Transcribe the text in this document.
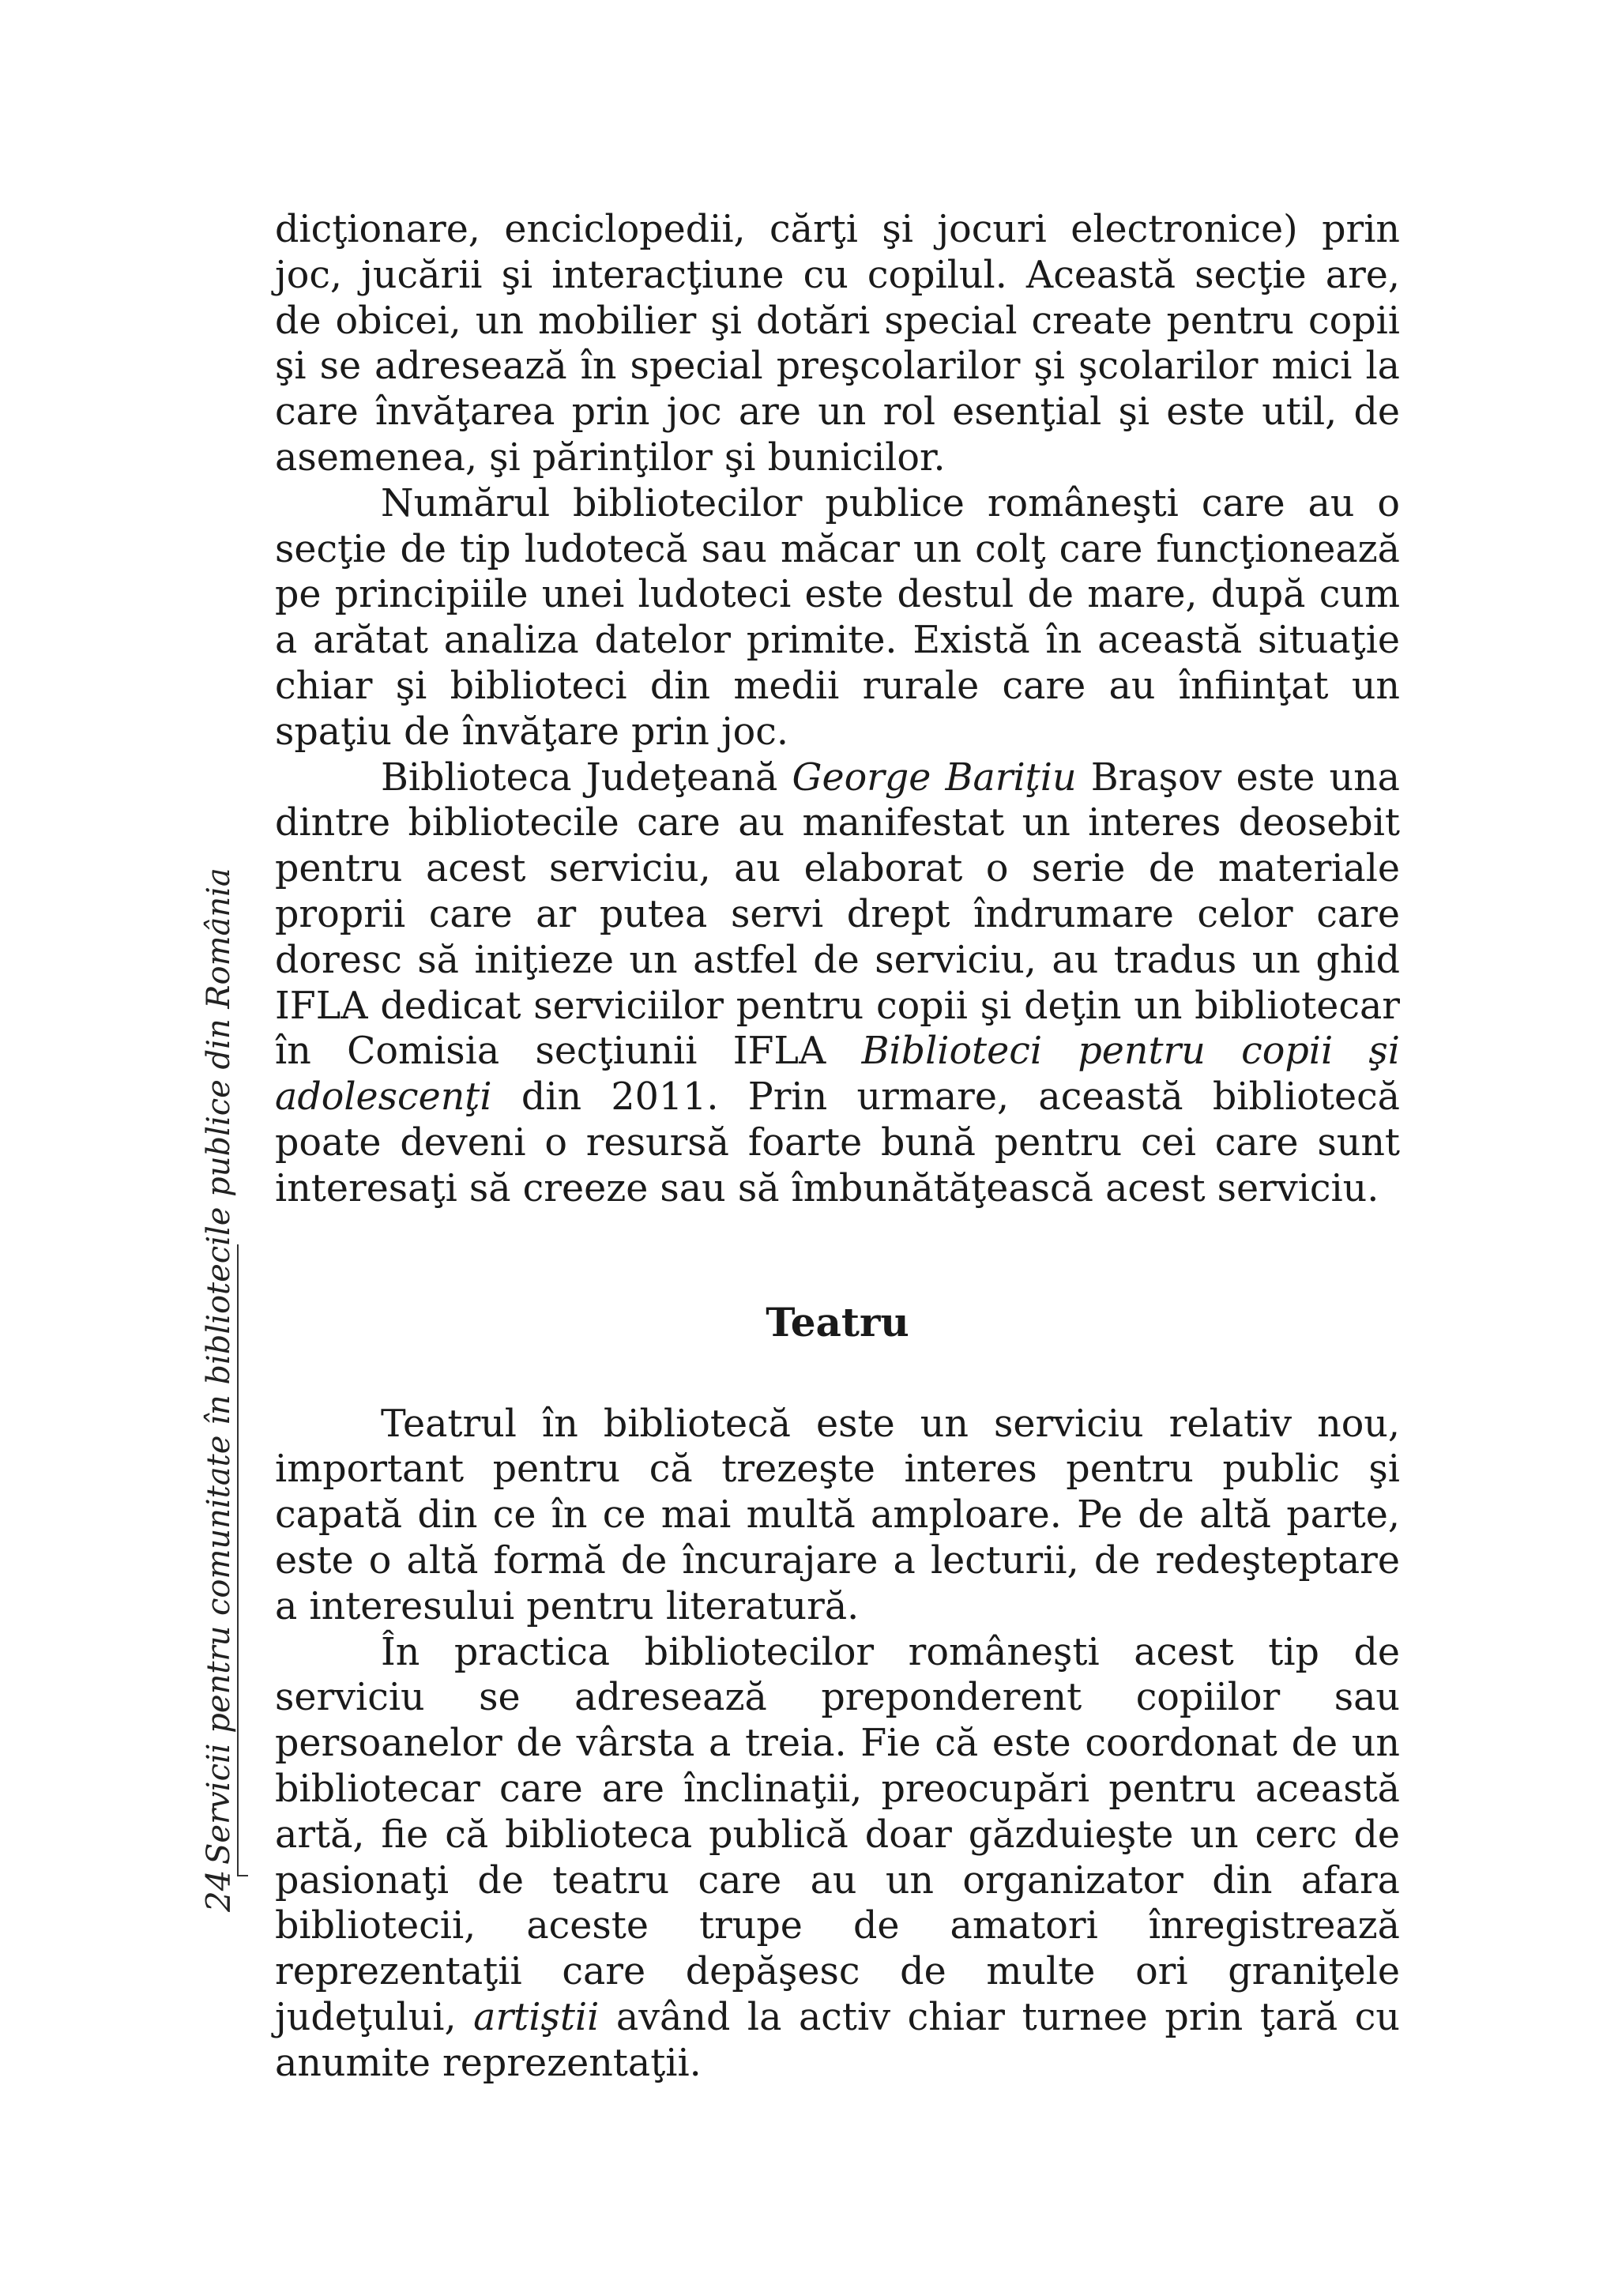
24
Servicii pentru comunitate în bibliotecile publice din România

dicţionare, enciclopedii, cărţi şi jocuri electronice) prin joc, jucării şi interacţiune cu copilul. Această secţie are, de obicei, un mobilier şi dotări special create pentru copii şi se adresează în special preşcolarilor şi şcolarilor mici la care învăţarea prin joc are un rol esenţial şi este util, de asemenea, şi părinţilor şi bunicilor.

Numărul bibliotecilor publice româneşti care au o secţie de tip ludotecă sau măcar un colţ care funcţionează pe principiile unei ludoteci este destul de mare, după cum a arătat analiza datelor primite. Există în această situaţie chiar şi biblioteci din medii rurale care au înfiinţat un spaţiu de învăţare prin joc.

Biblioteca Judeţeană George Bariţiu Braşov este una dintre bibliotecile care au manifestat un interes deosebit pentru acest serviciu, au elaborat o serie de materiale proprii care ar putea servi drept îndrumare celor care doresc să iniţieze un astfel de serviciu, au tradus un ghid IFLA dedicat serviciilor pentru copii şi deţin un bibliotecar în Comisia secţiunii IFLA Biblioteci pentru copii şi adolescenţi din 2011. Prin urmare, această bibliotecă poate deveni o resursă foarte bună pentru cei care sunt interesaţi să creeze sau să îmbunătăţească acest serviciu.

Teatru

Teatrul în bibliotecă este un serviciu relativ nou, important pentru că trezeşte interes pentru public şi capată din ce în ce mai multă amploare. Pe de altă parte, este o altă formă de încurajare a lecturii, de redeşteptare a interesului pentru literatură.

În practica bibliotecilor româneşti acest tip de serviciu se adresează preponderent copiilor sau persoanelor de vârsta a treia. Fie că este coordonat de un bibliotecar care are înclinaţii, preocupări pentru această artă, fie că biblioteca publică doar găzduieşte un cerc de pasionaţi de teatru care au un organizator din afara bibliotecii, aceste trupe de amatori înregistrează reprezentaţii care depăşesc de multe ori graniţele judeţului, artiştii având la activ chiar turnee prin ţară cu anumite reprezentaţii.
